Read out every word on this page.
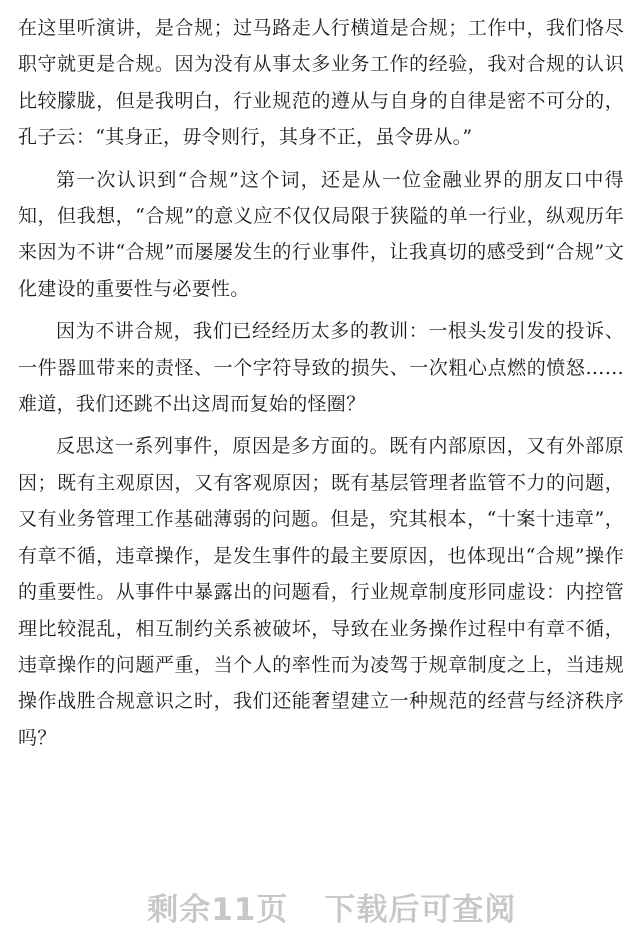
在这里听演讲，是合规；过马路走人行横道是合规；工作中，我们恪尽职守就更是合规。因为没有从事太多业务工作的经验，我对合规的认识比较朦胧，但是我明白，行业规范的遵从与自身的自律是密不可分的，孔子云：“其身正，毋令则行，其身不正，虽令毋从。”

第一次认识到“合规”这个词，还是从一位金融业界的朋友口中得知，但我想，“合规”的意义应不仅仅局限于狭隘的单一行业，纵观历年来因为不讲“合规”而屡屡发生的行业事件，让我真切的感受到“合规”文化建设的重要性与必要性。

因为不讲合规，我们已经经历太多的教训：一根头发引发的投诉、一件器皿带来的责怪、一个字符导致的损失、一次粗心点燃的愤怒……难道，我们还跳不出这周而复始的怪圈？

反思这一系列事件，原因是多方面的。既有内部原因，又有外部原因；既有主观原因，又有客观原因；既有基层管理者监管不力的问题，又有业务管理工作基础薄弱的问题。但是，究其根本，“十案十违章”，有章不循，违章操作，是发生事件的最主要原因，也体现出“合规”操作的重要性。从事件中暴露出的问题看，行业规章制度形同虚设：内控管理比较混乱，相互制约关系被破坏，导致在业务操作过程中有章不循，违章操作的问题严重，当个人的率性而为凌驾于规章制度之上，当违规操作战胜合规意识之时，我们还能奢望建立一种规范的经营与经济秩序吗？

剩余11页 下载后可查阅
